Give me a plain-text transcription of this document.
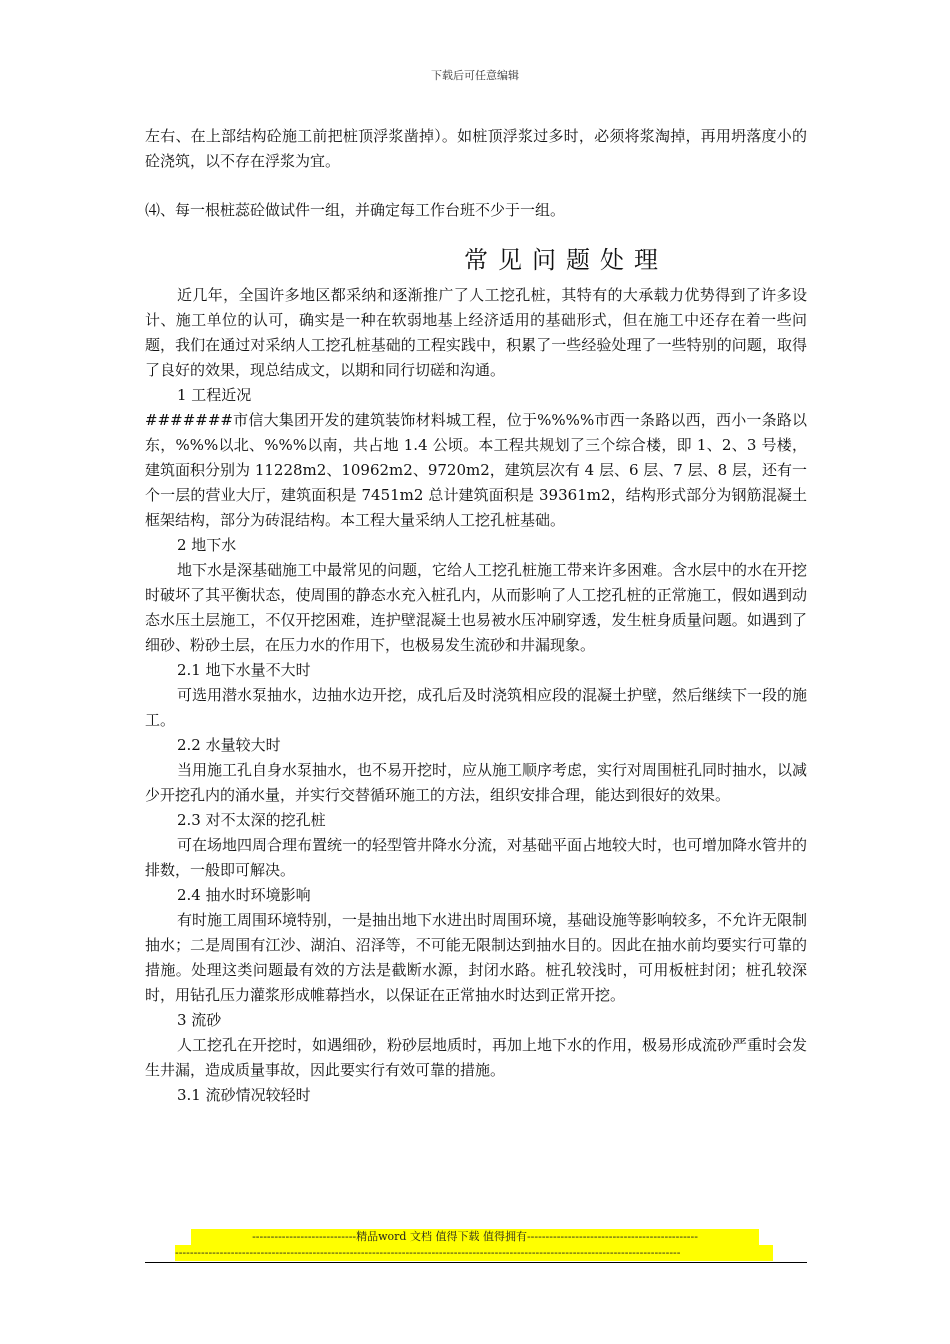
下载后可任意编辑

左右、在上部结构砼施工前把桩顶浮浆凿掉）。如桩顶浮浆过多时，必须将浆淘掉，再用坍落度小的砼浇筑，以不存在浮浆为宜。

⑷、每一根桩蕊砼做试件一组，并确定每工作台班不少于一组。

常见问题处理

近几年，全国许多地区都采纳和逐渐推广了人工挖孔桩，其特有的大承载力优势得到了许多设计、施工单位的认可，确实是一种在软弱地基上经济适用的基础形式，但在施工中还存在着一些问题，我们在通过对采纳人工挖孔桩基础的工程实践中，积累了一些经验处理了一些特别的问题，取得了良好的效果，现总结成文，以期和同行切磋和沟通。

1 工程近况

#######市信大集团开发的建筑装饰材料城工程，位于%%%%市西一条路以西，西小一条路以东，%%%以北、%%%以南，共占地 1.4 公顷。本工程共规划了三个综合楼，即 1、2、3 号楼，建筑面积分别为 11228m2、10962m2、9720m2，建筑层次有 4 层、6 层、7 层、8 层，还有一个一层的营业大厅，建筑面积是 7451m2 总计建筑面积是 39361m2，结构形式部分为钢筋混凝土框架结构，部分为砖混结构。本工程大量采纳人工挖孔桩基础。

2 地下水

地下水是深基础施工中最常见的问题，它给人工挖孔桩施工带来许多困难。含水层中的水在开挖时破坏了其平衡状态，使周围的静态水充入桩孔内，从而影响了人工挖孔桩的正常施工，假如遇到动态水压土层施工，不仅开挖困难，连护壁混凝土也易被水压冲刷穿透，发生桩身质量问题。如遇到了细砂、粉砂土层，在压力水的作用下，也极易发生流砂和井漏现象。

2.1 地下水量不大时

可选用潜水泵抽水，边抽水边开挖，成孔后及时浇筑相应段的混凝土护壁，然后继续下一段的施工。

2.2 水量较大时

当用施工孔自身水泵抽水，也不易开挖时，应从施工顺序考虑，实行对周围桩孔同时抽水，以减少开挖孔内的涌水量，并实行交替循环施工的方法，组织安排合理，能达到很好的效果。

2.3 对不太深的挖孔桩

可在场地四周合理布置统一的轻型管井降水分流，对基础平面占地较大时，也可增加降水管井的排数，一般即可解决。

2.4 抽水时环境影响

有时施工周围环境特别，一是抽出地下水进出时周围环境，基础设施等影响较多，不允许无限制抽水；二是周围有江沙、湖泊、沼泽等，不可能无限制达到抽水目的。因此在抽水前均要实行可靠的措施。处理这类问题最有效的方法是截断水源，封闭水路。桩孔较浅时，可用板桩封闭；桩孔较深时，用钻孔压力灌浆形成帷幕挡水，以保证在正常抽水时达到正常开挖。

3 流砂

人工挖孔在开挖时，如遇细砂，粉砂层地质时，再加上地下水的作用，极易形成流砂严重时会发生井漏，造成质量事故，因此要实行有效可靠的措施。

3.1 流砂情况较轻时

----------------------------精品word 文档 值得下载 值得拥有----------------------------------------------
----------------------------------------------------------------------------------------------------------------------------------------
